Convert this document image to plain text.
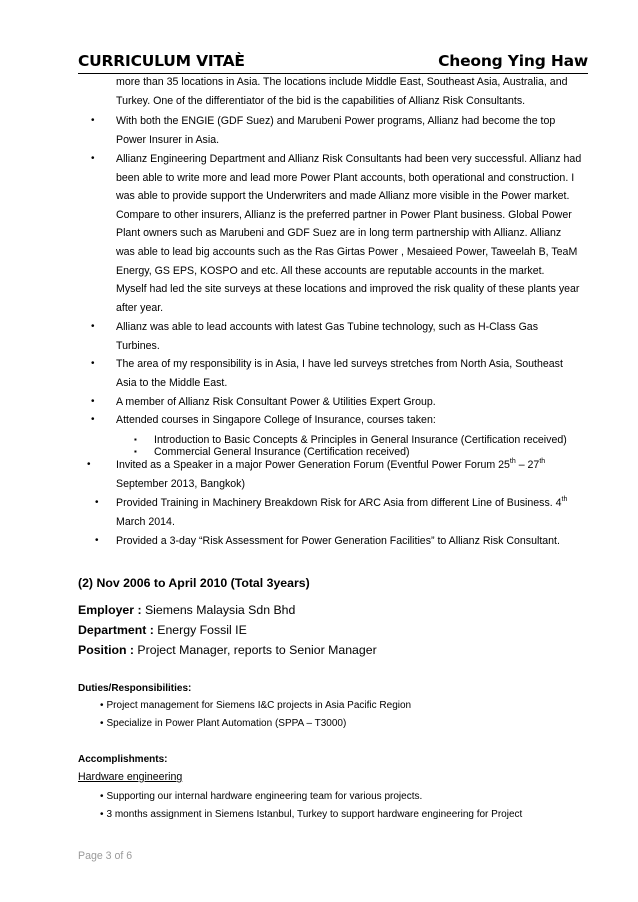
CURRICULUM VITAÈ	Cheong Ying Haw
more than 35 locations in Asia. The locations include Middle East, Southeast Asia, Australia, and
Turkey. One of the differentiator of the bid is the capabilities of Allianz Risk Consultants.
• With both the ENGIE (GDF Suez) and Marubeni Power programs, Allianz had become the top
Power Insurer in Asia.
• Allianz Engineering Department and Allianz Risk Consultants had been very successful. Allianz had
been able to write more and lead more Power Plant accounts, both operational and construction. I
was able to provide support the Underwriters and made Allianz more visible in the Power market.
Compare to other insurers, Allianz is the preferred partner in Power Plant business. Global Power
Plant owners such as Marubeni and GDF Suez are in long term partnership with Allianz. Allianz
was able to lead big accounts such as the Ras Girtas Power , Mesaieed Power, Taweelah B, TeaM
Energy, GS EPS, KOSPO and etc. All these accounts are reputable accounts in the market.
Myself had led the site surveys at these locations and improved the risk quality of these plants year
after year.
• Allianz was able to lead accounts with latest Gas Tubine technology, such as H-Class Gas
Turbines.
• The area of my responsibility is in Asia, I have led surveys stretches from North Asia, Southeast
Asia to the Middle East.
• A member of Allianz Risk Consultant Power & Utilities Expert Group.
• Attended courses in Singapore College of Insurance, courses taken:
▪ Introduction to Basic Concepts & Principles in General Insurance (Certification received)
▪ Commercial General Insurance (Certification received)
• Invited as a Speaker in a major Power Generation Forum (Eventful Power Forum 25th – 27th
September 2013, Bangkok)
• Provided Training in Machinery Breakdown Risk for ARC Asia from different Line of Business. 4th
March 2014.
• Provided a 3-day “Risk Assessment for Power Generation Facilities” to Allianz Risk Consultant.
(2) Nov 2006 to April 2010 (Total 3years)
Employer : Siemens Malaysia Sdn Bhd
Department : Energy Fossil IE
Position : Project Manager, reports to Senior Manager
Duties/Responsibilities:
• Project management for Siemens I&C projects in Asia Pacific Region
• Specialize in Power Plant Automation (SPPA – T3000)
Accomplishments:
Hardware engineering
• Supporting our internal hardware engineering team for various projects.
• 3 months assignment in Siemens Istanbul, Turkey to support hardware engineering for Project
Page 3 of 6
